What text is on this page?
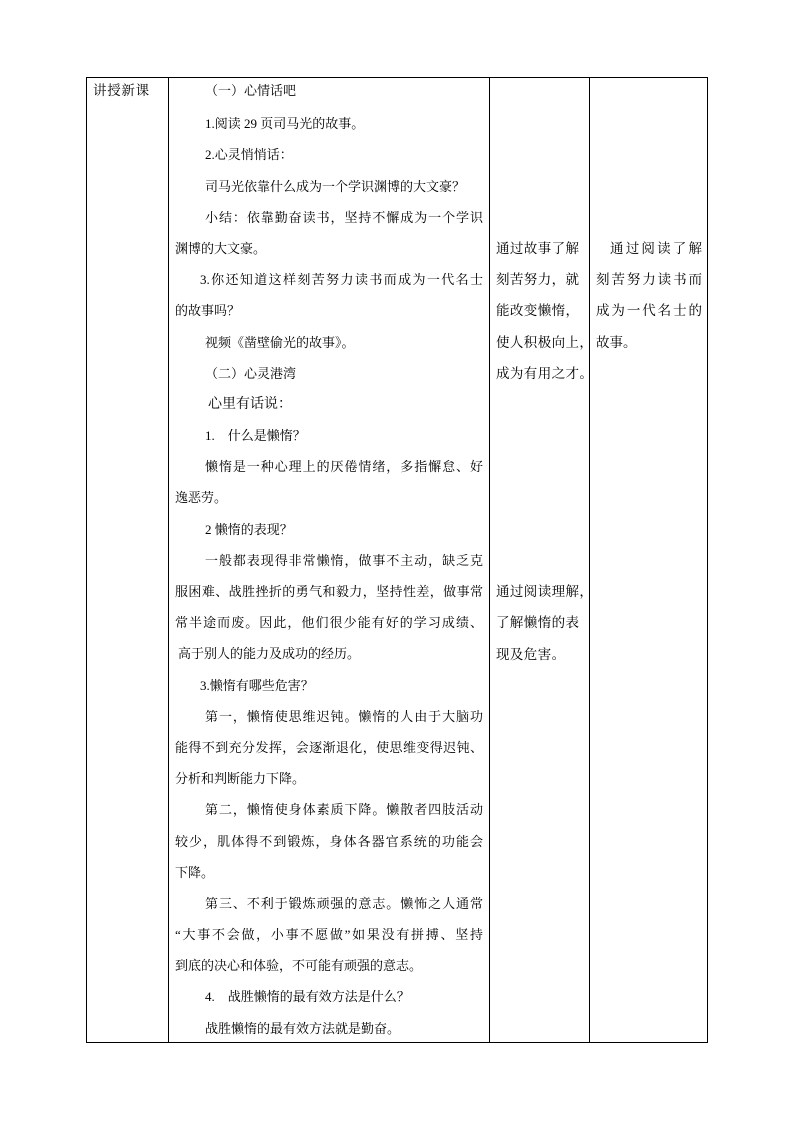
讲授新课	（一）心情话吧
1.阅读 29 页司马光的故事。
2.心灵悄悄话：
司马光依靠什么成为一个学识渊博的大文豪？
小结：依靠勤奋读书，坚持不懈成为一个学识
渊博的大文豪。
3.你还知道这样刻苦努力读书而成为一代名士
的故事吗？
视频《凿壁偷光的故事》。
（二）心灵港湾
心里有话说：
1.　什么是懒惰？
懒惰是一种心理上的厌倦情绪，多指懈怠、好
逸恶劳。
2 懒惰的表现？
一般都表现得非常懒惰，做事不主动，缺乏克
服困难、战胜挫折的勇气和毅力，坚持性差，做事常
常半途而废。因此，他们很少能有好的学习成绩、
高于别人的能力及成功的经历。
3.懒惰有哪些危害？
第一，懒惰使思维迟钝。懒惰的人由于大脑功
能得不到充分发挥，会逐渐退化，使思维变得迟钝、
分析和判断能力下降。
第二，懒惰使身体素质下降。懒散者四肢活动
较少，肌体得不到锻炼，身体各器官系统的功能会
下降。
第三、不利于锻炼顽强的意志。懒怖之人通常
“大事不会做，小事不愿做”如果没有拼搏、坚持
到底的决心和体验，不可能有顽强的意志。
4.　战胜懒惰的最有效方法是什么？
战胜懒惰的最有效方法就是勤奋。
通过故事了解
刻苦努力，就
能改变懒惰，
使人积极向上，
成为有用之才。
通过阅读理解，
了解懒惰的表
现及危害。
通过阅读了解
刻苦努力读书而
成为一代名士的
故事。
